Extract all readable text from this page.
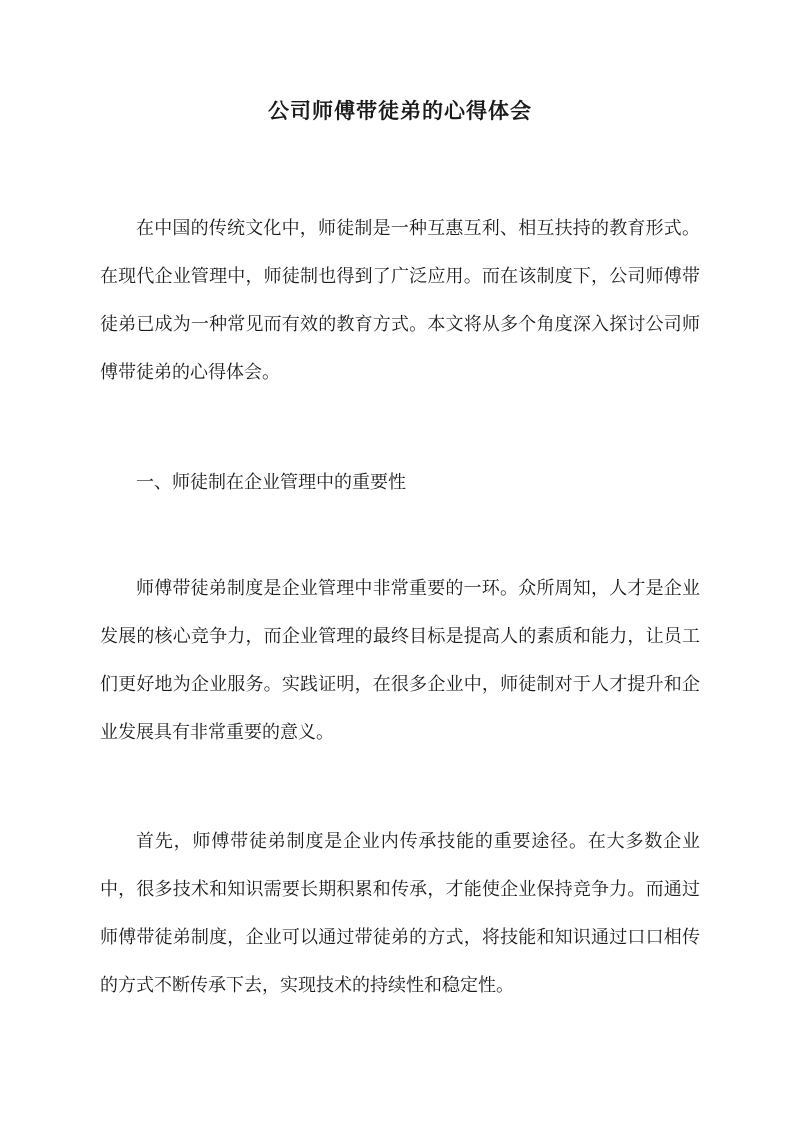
公司师傅带徒弟的心得体会

在中国的传统文化中，师徒制是一种互惠互利、相互扶持的教育形式。在现代企业管理中，师徒制也得到了广泛应用。而在该制度下，公司师傅带徒弟已成为一种常见而有效的教育方式。本文将从多个角度深入探讨公司师傅带徒弟的心得体会。

一、师徒制在企业管理中的重要性

师傅带徒弟制度是企业管理中非常重要的一环。众所周知，人才是企业发展的核心竞争力，而企业管理的最终目标是提高人的素质和能力，让员工们更好地为企业服务。实践证明，在很多企业中，师徒制对于人才提升和企业发展具有非常重要的意义。

首先，师傅带徒弟制度是企业内传承技能的重要途径。在大多数企业中，很多技术和知识需要长期积累和传承，才能使企业保持竞争力。而通过师傅带徒弟制度，企业可以通过带徒弟的方式，将技能和知识通过口口相传的方式不断传承下去，实现技术的持续性和稳定性。
